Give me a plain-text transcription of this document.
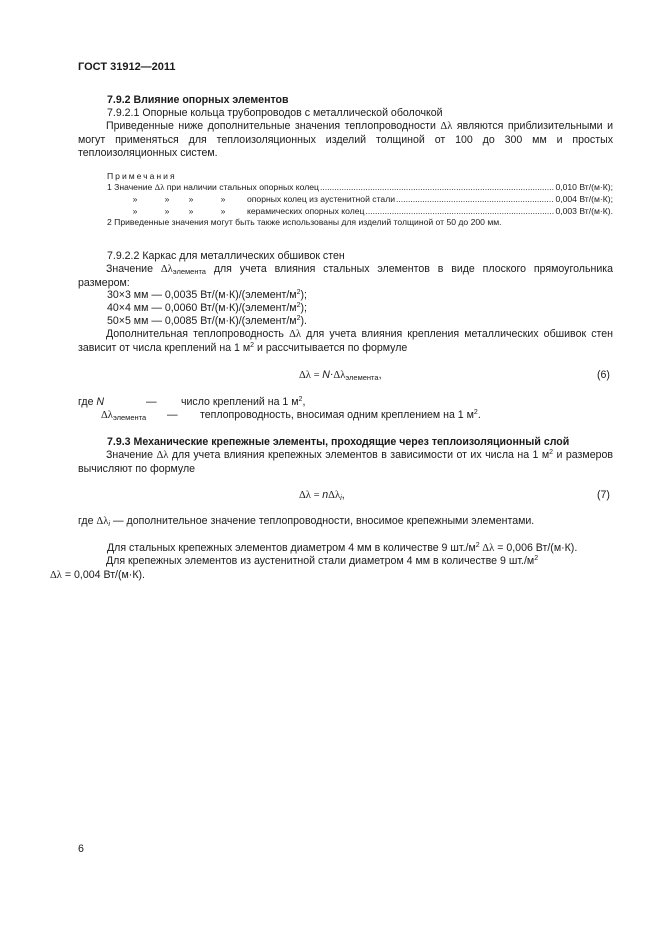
ГОСТ 31912—2011
7.9.2 Влияние опорных элементов
7.9.2.1 Опорные кольца трубопроводов с металлической оболочкой
Приведенные ниже дополнительные значения теплопроводности Δλ являются приблизительными и могут применяться для теплоизоляционных изделий толщиной от 100 до 300 мм и простых теплоизоляционных систем.
Примечания
1 Значение Δλ при наличии стальных опорных колец .....	0,010 Вт/(м·К);
»	» »	»	опорных колец из аустенитной стали .....	0,004 Вт/(м·К);
»	» »	»	керамических опорных колец .....	0,003 Вт/(м·К).
2 Приведенные значения могут быть также использованы для изделий толщиной от 50 до 200 мм.
7.9.2.2 Каркас для металлических обшивок стен
Значение $\Delta\lambda_{элемента}$ для учета влияния стальных элементов в виде плоского прямоугольника размером:
30×3 мм — 0,0035 $Вт/(м\cdot К)/(элемент/м^2)$;
40×4 мм — 0,0060 $Вт/(м\cdot К)/(элемент/м^2)$;
50×5 мм — 0,0085 $Вт/(м\cdot К)/(элемент/м^2)$.
Дополнительная теплопроводность Δλ для учета влияния крепления металлических обшивок стен зависит от числа креплений на 1 $м^2$ и рассчитывается по формуле
$\Delta\lambda = N\cdot\Delta\lambda_{элемента}$,	(6)
где N	— число креплений на 1 $м^2$,
$\Delta\lambda_{элемента}$ — теплопроводность, вносимая одним креплением на 1 $м^2$.
7.9.3 Механические крепежные элементы, проходящие через теплоизоляционный слой
Значение Δλ для учета влияния крепежных элементов в зависимости от их числа на 1 $м^2$ и размеров вычисляют по формуле
Δλ = nΔλ$_i$,	(7)
где $\Delta\lambda_i$ — дополнительное значение теплопроводности, вносимое крепежными элементами.
Для стальных крепежных элементов диаметром 4 мм в количестве 9 $шт./м^2$ Δλ = 0,006 Вт/(м·К).
Для крепежных элементов из аустенитной стали диаметром 4 мм в количестве 9 $шт./м^2$
Δλ = 0,004 Вт/(м·К).
6
